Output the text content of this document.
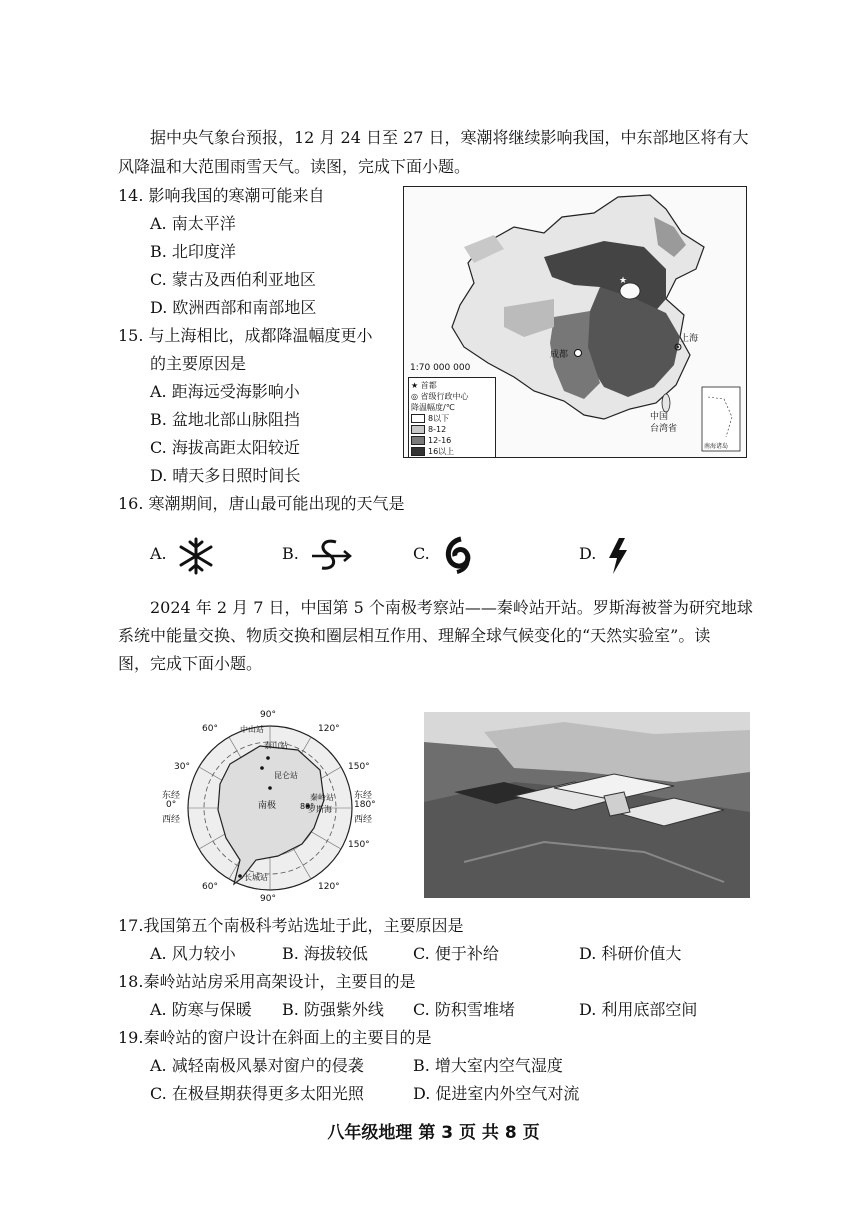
据中央气象台预报，12 月 24 日至 27 日，寒潮将继续影响我国，中东部地区将有大
风降温和大范围雨雪天气。读图，完成下面小题。
14. 影响我国的寒潮可能来自
A. 南太平洋
B. 北印度洋
C. 蒙古及西伯利亚地区
D. 欧洲西部和南部地区
15. 与上海相比，成都降温幅度更小
的主要原因是
A. 距海远受海影响小
B. 盆地北部山脉阻挡
C. 海拔高距太阳较近
D. 晴天多日照时间长
★
1:70 000 000
上海
成都
中国
台湾省
南海诸岛
★ 首都
◎ 省级行政中心
降温幅度/℃
8以下
8-12
12-16
16以上
16. 寒潮期间，唐山最可能出现的天气是
A.	B.	C.	D.
2024 年 2 月 7 日，中国第 5 个南极考察站——秦岭站开站。罗斯海被誉为研究地球
系统中能量交换、物质交换和圈层相互作用、理解全球气候变化的“天然实验室”。读
图，完成下面小题。
90°
60°	120°
30°	150°
东经
0°
西经
东经
180°
西经
150°
60°	120°
90°
南极
中山站
泰山站
昆仑站
秦岭站
罗斯海
80°
长城站
17.我国第五个南极科考站选址于此，主要原因是
A. 风力较小	B. 海拔较低	C. 便于补给	D. 科研价值大
18.秦岭站站房采用高架设计，主要目的是
A. 防寒与保暖 B. 防强紫外线 C. 防积雪堆堵	D. 利用底部空间
19.秦岭站的窗户设计在斜面上的主要目的是
A. 减轻南极风暴对窗户的侵袭	B. 增大室内空气湿度
C. 在极昼期获得更多太阳光照	D. 促进室内外空气对流
八年级地理 第 3 页 共 8 页
